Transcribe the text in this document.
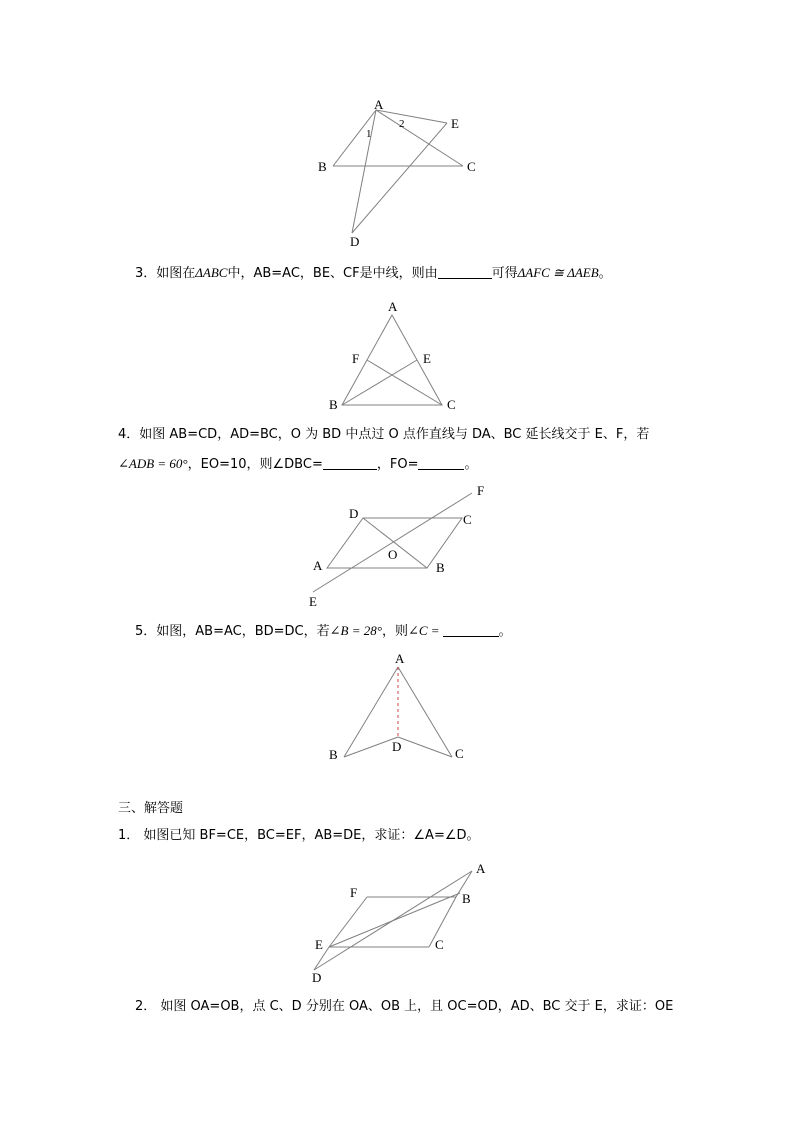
A
E
B	C
D
1
2
3．如图在ΔABC中，AB=AC，BE、CF是中线，则由	可得ΔAFC ≅ ΔAEB。
A
F	E
B	C
4．如图 AB=CD，AD=BC，O 为 BD 中点过 O 点作直线与 DA、BC 延长线交于 E、F，若
∠ADB = 60°，EO=10，则∠DBC=	，FO=	。
F
D	C
O
A	B
E
5．如图，AB=AC，BD=DC，若∠B = 28°，则∠C =	。
A
D
B	C
三、解答题
1． 如图已知 BF=CE，BC=EF，AB=DE，求证：∠A=∠D。
A
F	B
E	C
D
2． 如图 OA=OB，点 C、D 分别在 OA、OB 上，且 OC=OD，AD、BC 交于 E，求证：OE
